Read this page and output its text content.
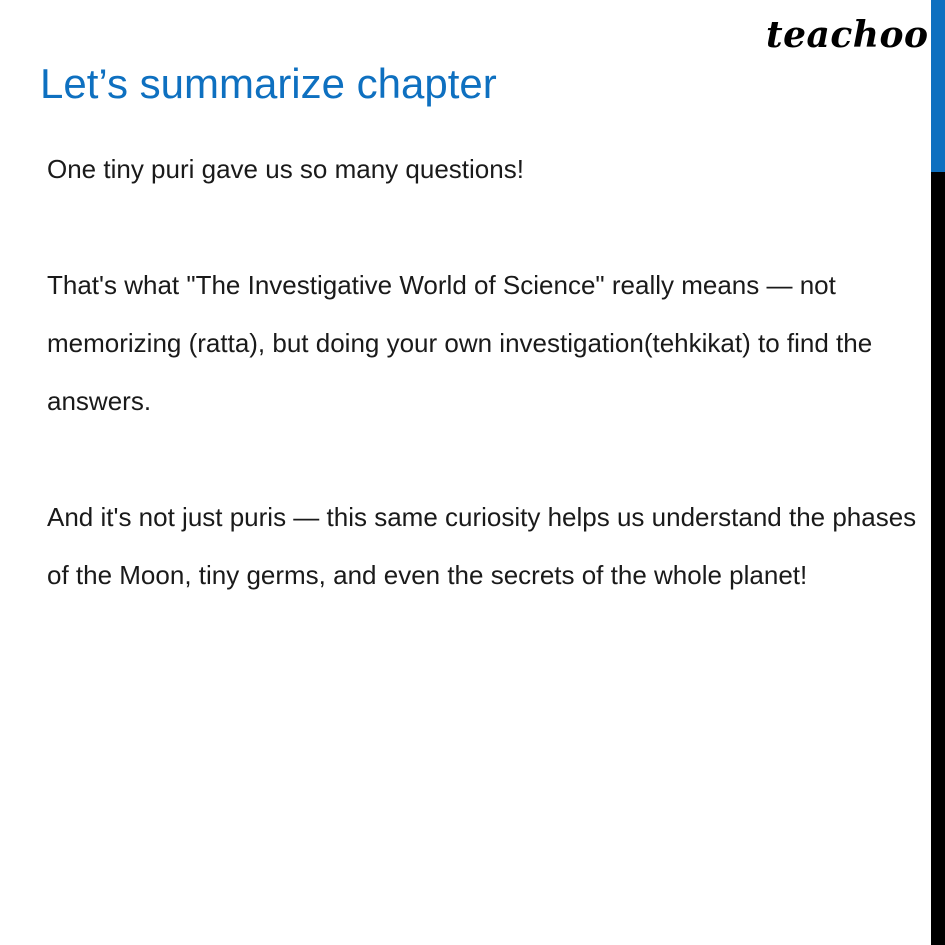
teachoo
Let’s summarize chapter

One tiny puri gave us so many questions!

That's what "The Investigative World of Science" really means — not memorizing (ratta), but doing your own investigation(tehkikat) to find the answers.

And it's not just puris — this same curiosity helps us understand the phases of the Moon, tiny germs, and even the secrets of the whole planet!
